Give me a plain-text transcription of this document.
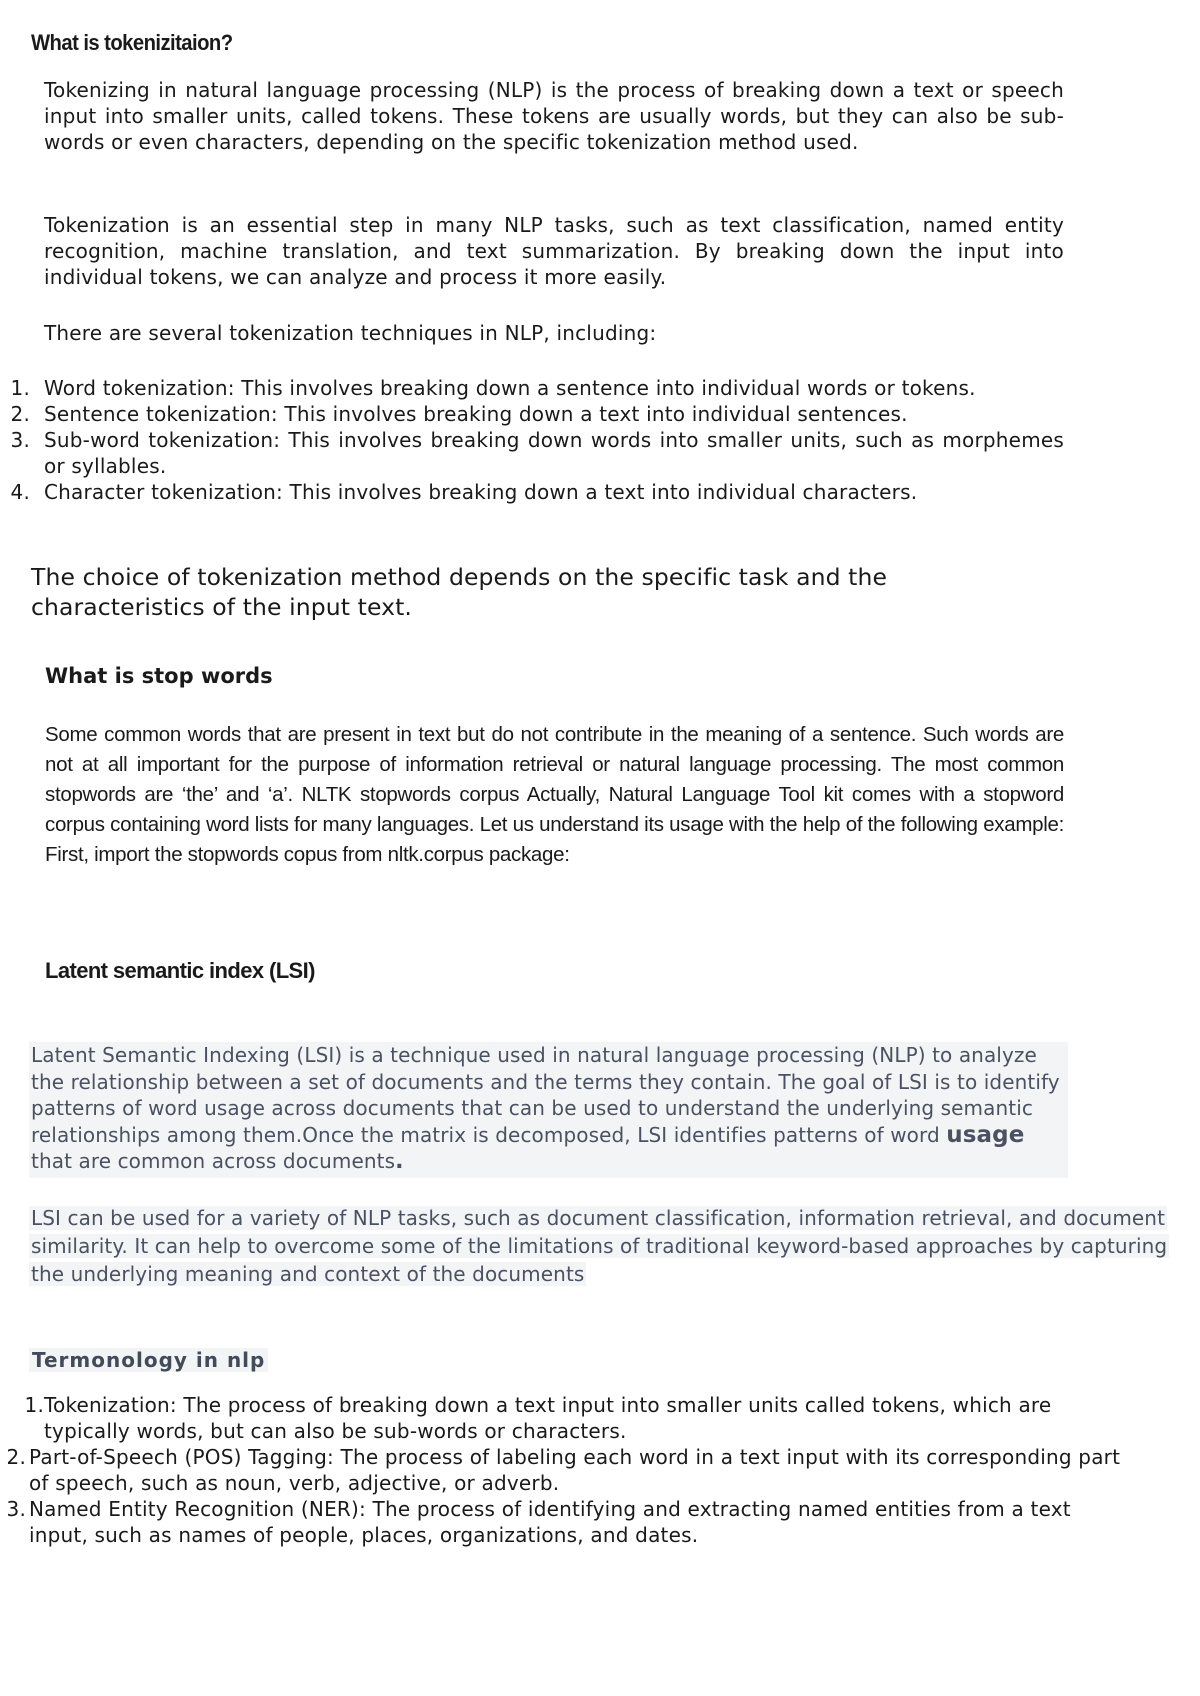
What is tokenizitaion?

Tokenizing in natural language processing (NLP) is the process of breaking down a text or speech input into smaller units, called tokens. These tokens are usually words, but they can also be sub-words or even characters, depending on the specific tokenization method used.

Tokenization is an essential step in many NLP tasks, such as text classification, named entity recognition, machine translation, and text summarization. By breaking down the input into individual tokens, we can analyze and process it more easily.

There are several tokenization techniques in NLP, including:

1. Word tokenization: This involves breaking down a sentence into individual words or tokens.
2. Sentence tokenization: This involves breaking down a text into individual sentences.
3. Sub-word tokenization: This involves breaking down words into smaller units, such as morphemes or syllables.
4. Character tokenization: This involves breaking down a text into individual characters.
The choice of tokenization method depends on the specific task and the characteristics of the input text.
What is stop words

Some common words that are present in text but do not contribute in the meaning of a sentence. Such words are not at all important for the purpose of information retrieval or natural language processing. The most common stopwords are ‘the’ and ‘a’. NLTK stopwords corpus Actually, Natural Language Tool kit comes with a stopword corpus containing word lists for many languages. Let us understand its usage with the help of the following example: First, import the stopwords copus from nltk.corpus package:

Latent semantic index (LSI)

Latent Semantic Indexing (LSI) is a technique used in natural language processing (NLP) to analyze the relationship between a set of documents and the terms they contain. The goal of LSI is to identify patterns of word usage across documents that can be used to understand the underlying semantic relationships among them.Once the matrix is decomposed, LSI identifies patterns of word usage that are common across documents.

LSI can be used for a variety of NLP tasks, such as document classification, information retrieval, and document similarity. It can help to overcome some of the limitations of traditional keyword-based approaches by capturing the underlying meaning and context of the documents

Termonology in nlp
1. Tokenization: The process of breaking down a text input into smaller units called tokens, which are typically words, but can also be sub-words or characters.
2. Part-of-Speech (POS) Tagging: The process of labeling each word in a text input with its corresponding part of speech, such as noun, verb, adjective, or adverb.
3. Named Entity Recognition (NER): The process of identifying and extracting named entities from a text input, such as names of people, places, organizations, and dates.
